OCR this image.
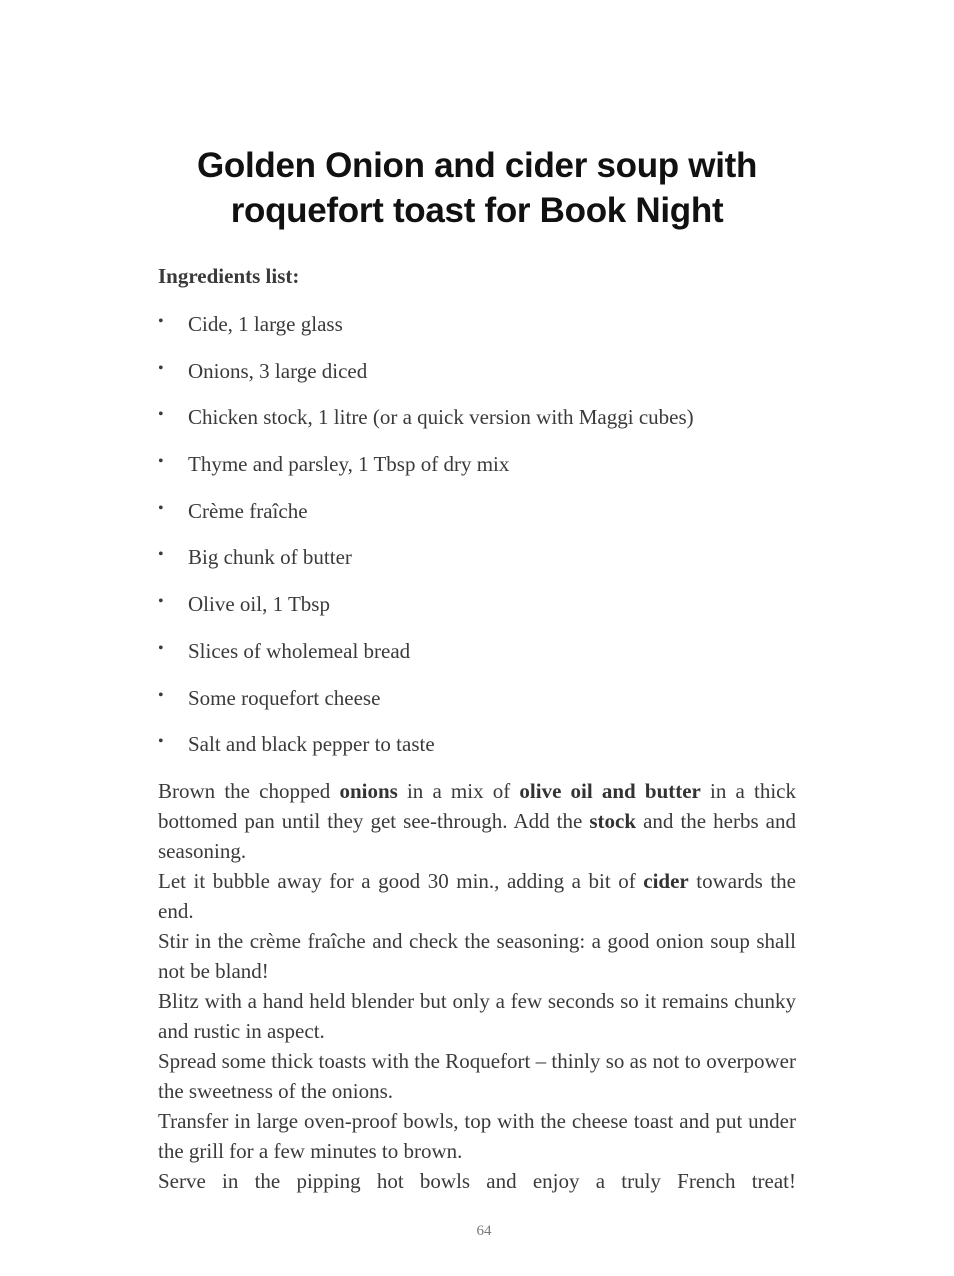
Golden Onion and cider soup with
roquefort toast for Book Night
Ingredients list:
• Cide, 1 large glass
• Onions, 3 large diced
• Chicken stock, 1 litre (or a quick version with Maggi cubes)
• Thyme and parsley, 1 Tbsp of dry mix
• Crème fraîche
• Big chunk of butter
• Olive oil, 1 Tbsp
• Slices of wholemeal bread
• Some roquefort cheese
• Salt and black pepper to taste

Brown the chopped onions in a mix of olive oil and butter in a thick bottomed pan until they get see-through. Add the stock and the herbs and seasoning.

Let it bubble away for a good 30 min., adding a bit of cider towards the end.

Stir in the crème fraîche and check the seasoning: a good onion soup shall not be bland!

Blitz with a hand held blender but only a few seconds so it remains chunky and rustic in aspect.

Spread some thick toasts with the Roquefort – thinly so as not to overpower the sweetness of the onions.

Transfer in large oven-proof bowls, top with the cheese toast and put under the grill for a few minutes to brown.

Serve in the pipping hot bowls and enjoy a truly French treat!

64
